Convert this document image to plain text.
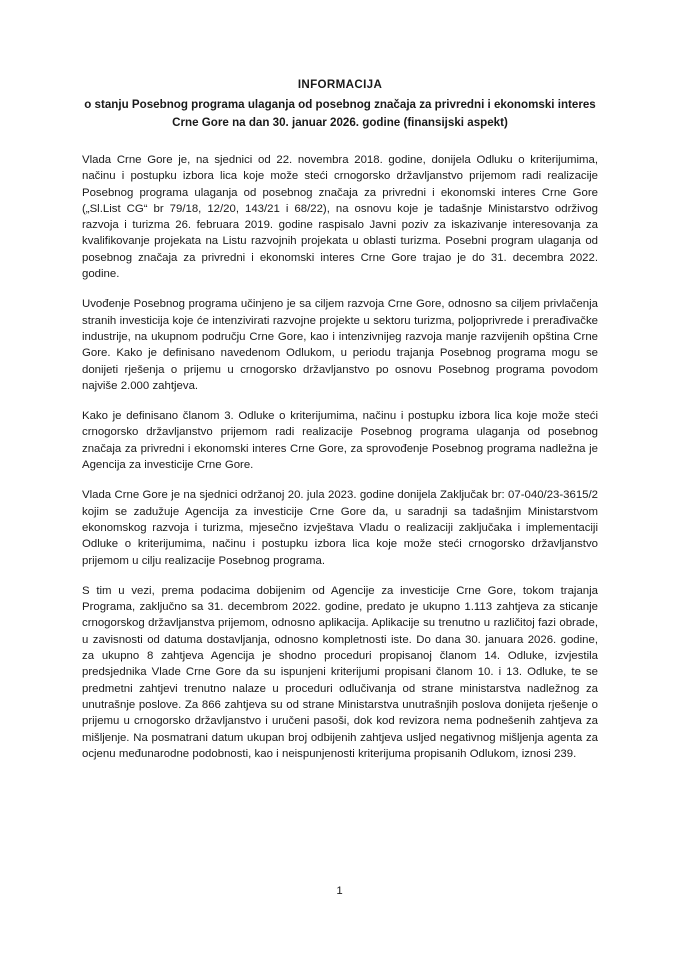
INFORMACIJA
o stanju Posebnog programa ulaganja od posebnog značaja za privredni i ekonomski interes Crne Gore na dan 30. januar 2026. godine (finansijski aspekt)

Vlada Crne Gore je, na sjednici od 22. novembra 2018. godine, donijela Odluku o kriterijumima, načinu i postupku izbora lica koje može steći crnogorsko državljanstvo prijemom radi realizacije Posebnog programa ulaganja od posebnog značaja za privredni i ekonomski interes Crne Gore („Sl.List CG“ br 79/18, 12/20, 143/21 i 68/22), na osnovu koje je tadašnje Ministarstvo održivog razvoja i turizma 26. februara 2019. godine raspisalo Javni poziv za iskazivanje interesovanja za kvalifikovanje projekata na Listu razvojnih projekata u oblasti turizma. Posebni program ulaganja od posebnog značaja za privredni i ekonomski interes Crne Gore trajao je do 31. decembra 2022. godine.

Uvođenje Posebnog programa učinjeno je sa ciljem razvoja Crne Gore, odnosno sa ciljem privlačenja stranih investicija koje će intenzivirati razvojne projekte u sektoru turizma, poljoprivrede i prerađivačke industrije, na ukupnom području Crne Gore, kao i intenzivnijeg razvoja manje razvijenih opština Crne Gore. Kako je definisano navedenom Odlukom, u periodu trajanja Posebnog programa mogu se donijeti rješenja o prijemu u crnogorsko državljanstvo po osnovu Posebnog programa povodom najviše 2.000 zahtjeva.

Kako je definisano članom 3. Odluke o kriterijumima, načinu i postupku izbora lica koje može steći crnogorsko državljanstvo prijemom radi realizacije Posebnog programa ulaganja od posebnog značaja za privredni i ekonomski interes Crne Gore, za sprovođenje Posebnog programa nadležna je Agencija za investicije Crne Gore.

Vlada Crne Gore je na sjednici održanoj 20. jula 2023. godine donijela Zaključak br: 07-040/23-3615/2 kojim se zadužuje Agencija za investicije Crne Gore da, u saradnji sa tadašnjim Ministarstvom ekonomskog razvoja i turizma, mjesečno izvještava Vladu o realizaciji zaključaka i implementaciji Odluke o kriterijumima, načinu i postupku izbora lica koje može steći crnogorsko državljanstvo prijemom u cilju realizacije Posebnog programa.

S tim u vezi, prema podacima dobijenim od Agencije za investicije Crne Gore, tokom trajanja Programa, zaključno sa 31. decembrom 2022. godine, predato je ukupno 1.113 zahtjeva za sticanje crnogorskog državljanstva prijemom, odnosno aplikacija. Aplikacije su trenutno u različitoj fazi obrade, u zavisnosti od datuma dostavljanja, odnosno kompletnosti iste. Do dana 30. januara 2026. godine, za ukupno 8 zahtjeva Agencija je shodno proceduri propisanoj članom 14. Odluke, izvjestila predsjednika Vlade Crne Gore da su ispunjeni kriterijumi propisani članom 10. i 13. Odluke, te se predmetni zahtjevi trenutno nalaze u proceduri odlučivanja od strane ministarstva nadležnog za unutrašnje poslove. Za 866 zahtjeva su od strane Ministarstva unutrašnjih poslova donijeta rješenje o prijemu u crnogorsko državljanstvo i uručeni pasoši, dok kod revizora nema podnešenih zahtjeva za mišljenje. Na posmatrani datum ukupan broj odbijenih zahtjeva usljed negativnog mišljenja agenta za ocjenu međunarodne podobnosti, kao i neispunjenosti kriterijuma propisanih Odlukom, iznosi 239.

1
